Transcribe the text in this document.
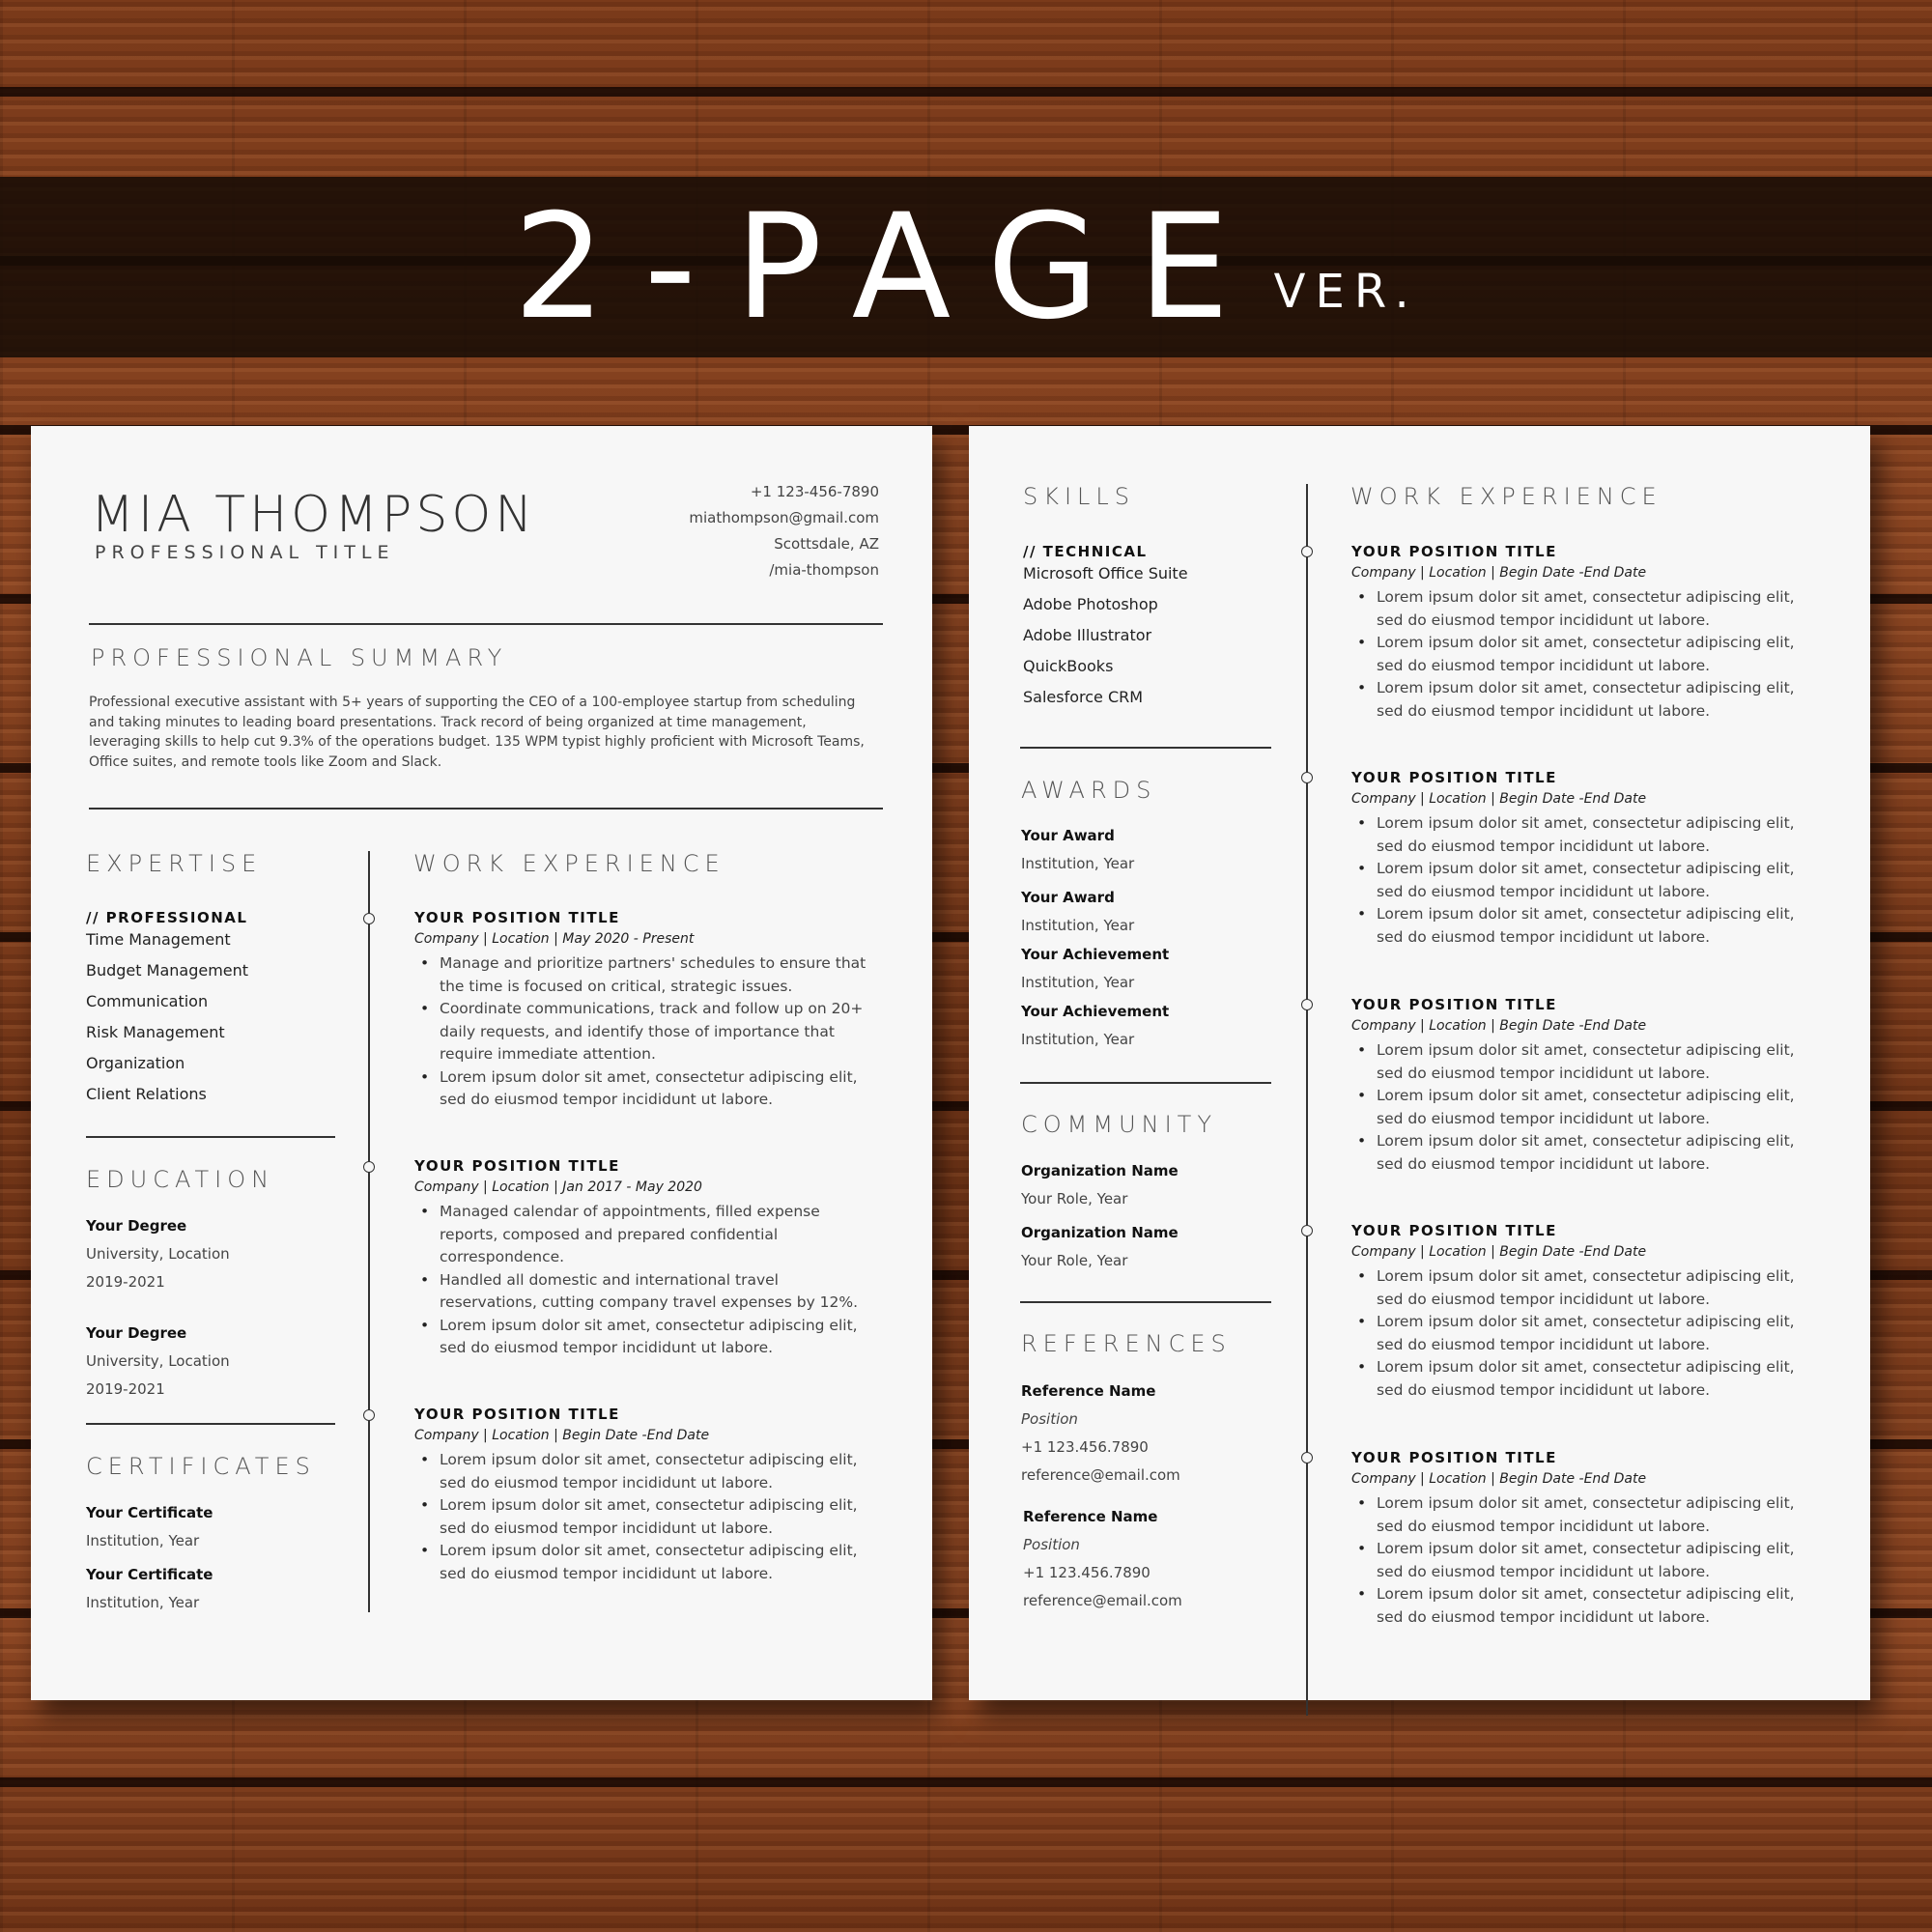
2-PAGE VER.
MIA THOMPSON
PROFESSIONAL TITLE
+1 123-456-7890
miathompson@gmail.com
Scottsdale, AZ
/mia-thompson
PROFESSIONAL SUMMARY
Professional executive assistant with 5+ years of supporting the CEO of a 100-employee startup from scheduling
and taking minutes to leading board presentations. Track record of being organized at time management,
leveraging skills to help cut 9.3% of the operations budget. 135 WPM typist highly proficient with Microsoft Teams,
Office suites, and remote tools like Zoom and Slack.
EXPERTISE
// PROFESSIONAL
Time Management
Budget Management
Communication
Risk Management
Organization
Client Relations
EDUCATION
Your Degree
University, Location
2019-2021
Your Degree
University, Location
2019-2021
CERTIFICATES
Your Certificate
Institution, Year
Your Certificate
Institution, Year
WORK EXPERIENCE
YOUR POSITION TITLE
Company | Location | May 2020 - Present
• Manage and prioritize partners' schedules to ensure that
the time is focused on critical, strategic issues.
• Coordinate communications, track and follow up on 20+
daily requests, and identify those of importance that
require immediate attention.
• Lorem ipsum dolor sit amet, consectetur adipiscing elit,
sed do eiusmod tempor incididunt ut labore.
YOUR POSITION TITLE
Company | Location | Jan 2017 - May 2020
• Managed calendar of appointments, filled expense
reports, composed and prepared confidential
correspondence.
• Handled all domestic and international travel
reservations, cutting company travel expenses by 12%.
• Lorem ipsum dolor sit amet, consectetur adipiscing elit,
sed do eiusmod tempor incididunt ut labore.
YOUR POSITION TITLE
Company | Location | Begin Date -End Date
• Lorem ipsum dolor sit amet, consectetur adipiscing elit,
sed do eiusmod tempor incididunt ut labore.
• Lorem ipsum dolor sit amet, consectetur adipiscing elit,
sed do eiusmod tempor incididunt ut labore.
• Lorem ipsum dolor sit amet, consectetur adipiscing elit,
sed do eiusmod tempor incididunt ut labore.
SKILLS
// TECHNICAL
Microsoft Office Suite
Adobe Photoshop
Adobe Illustrator
QuickBooks
Salesforce CRM
AWARDS
Your Award
Institution, Year
Your Award
Institution, Year
Your Achievement
Institution, Year
Your Achievement
Institution, Year
COMMUNITY
Organization Name
Your Role, Year
Organization Name
Your Role, Year
REFERENCES
Reference Name
Position
+1 123.456.7890
reference@email.com
Reference Name
Position
+1 123.456.7890
reference@email.com
WORK EXPERIENCE
YOUR POSITION TITLE
Company | Location | Begin Date -End Date
• Lorem ipsum dolor sit amet, consectetur adipiscing elit,
sed do eiusmod tempor incididunt ut labore.
• Lorem ipsum dolor sit amet, consectetur adipiscing elit,
sed do eiusmod tempor incididunt ut labore.
• Lorem ipsum dolor sit amet, consectetur adipiscing elit,
sed do eiusmod tempor incididunt ut labore.
YOUR POSITION TITLE
Company | Location | Begin Date -End Date
• Lorem ipsum dolor sit amet, consectetur adipiscing elit,
sed do eiusmod tempor incididunt ut labore.
• Lorem ipsum dolor sit amet, consectetur adipiscing elit,
sed do eiusmod tempor incididunt ut labore.
• Lorem ipsum dolor sit amet, consectetur adipiscing elit,
sed do eiusmod tempor incididunt ut labore.
YOUR POSITION TITLE
Company | Location | Begin Date -End Date
• Lorem ipsum dolor sit amet, consectetur adipiscing elit,
sed do eiusmod tempor incididunt ut labore.
• Lorem ipsum dolor sit amet, consectetur adipiscing elit,
sed do eiusmod tempor incididunt ut labore.
• Lorem ipsum dolor sit amet, consectetur adipiscing elit,
sed do eiusmod tempor incididunt ut labore.
YOUR POSITION TITLE
Company | Location | Begin Date -End Date
• Lorem ipsum dolor sit amet, consectetur adipiscing elit,
sed do eiusmod tempor incididunt ut labore.
• Lorem ipsum dolor sit amet, consectetur adipiscing elit,
sed do eiusmod tempor incididunt ut labore.
• Lorem ipsum dolor sit amet, consectetur adipiscing elit,
sed do eiusmod tempor incididunt ut labore.
YOUR POSITION TITLE
Company | Location | Begin Date -End Date
• Lorem ipsum dolor sit amet, consectetur adipiscing elit,
sed do eiusmod tempor incididunt ut labore.
• Lorem ipsum dolor sit amet, consectetur adipiscing elit,
sed do eiusmod tempor incididunt ut labore.
• Lorem ipsum dolor sit amet, consectetur adipiscing elit,
sed do eiusmod tempor incididunt ut labore.
